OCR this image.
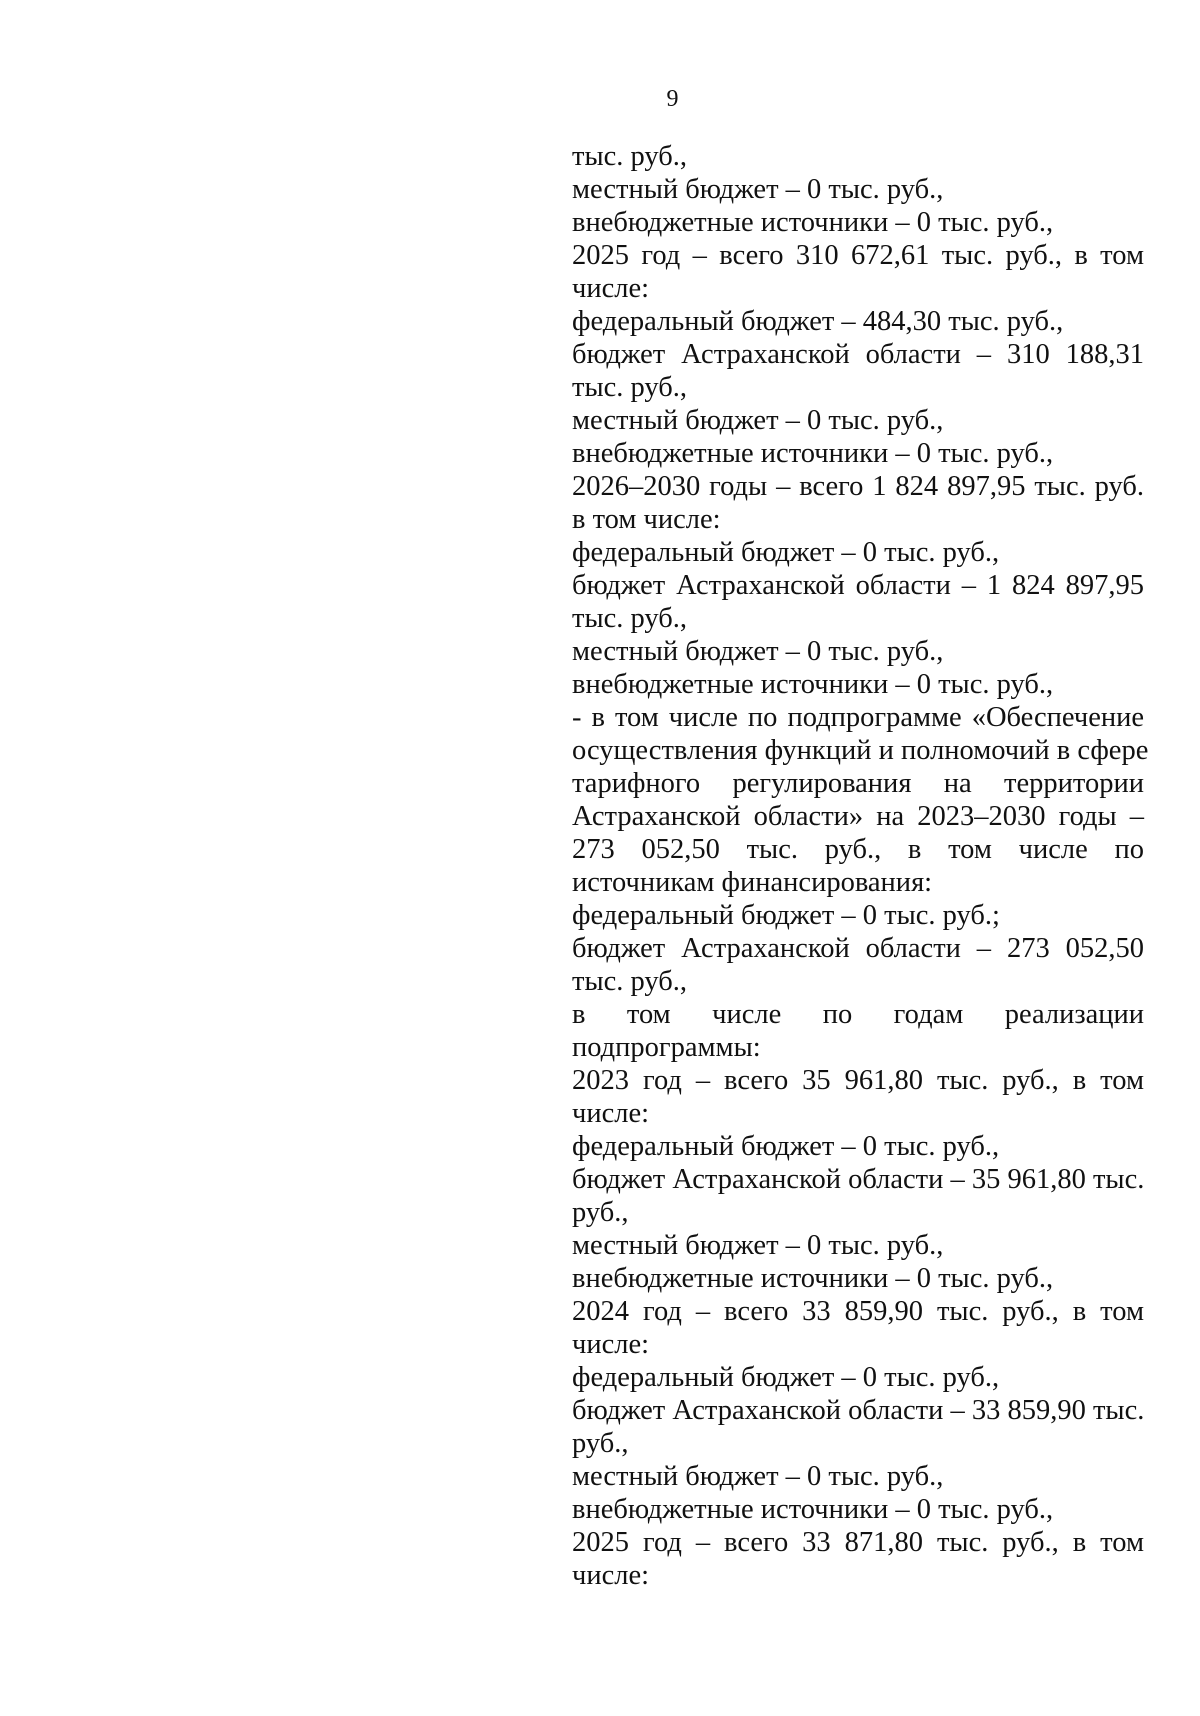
9
тыс. руб.,
местный бюджет – 0 тыс. руб.,
внебюджетные источники – 0 тыс. руб.,
2025 год – всего 310 672,61 тыс. руб., в том
числе:
федеральный бюджет – 484,30 тыс. руб.,
бюджет Астраханской области – 310 188,31
тыс. руб.,
местный бюджет – 0 тыс. руб.,
внебюджетные источники – 0 тыс. руб.,
2026–2030 годы – всего 1 824 897,95 тыс. руб.
в том числе:
федеральный бюджет – 0 тыс. руб.,
бюджет Астраханской области – 1 824 897,95
тыс. руб.,
местный бюджет – 0 тыс. руб.,
внебюджетные источники – 0 тыс. руб.,
- в том числе по подпрограмме «Обеспечение
осуществления функций и полномочий в сфере
тарифного регулирования на территории
Астраханской области» на 2023–2030 годы –
273 052,50 тыс. руб., в том числе по
источникам финансирования:
федеральный бюджет – 0 тыс. руб.;
бюджет Астраханской области – 273 052,50
тыс. руб.,
в том числе по годам реализации
подпрограммы:
2023 год – всего 35 961,80 тыс. руб., в том
числе:
федеральный бюджет – 0 тыс. руб.,
бюджет Астраханской области – 35 961,80 тыс.
руб.,
местный бюджет – 0 тыс. руб.,
внебюджетные источники – 0 тыс. руб.,
2024 год – всего 33 859,90 тыс. руб., в том
числе:
федеральный бюджет – 0 тыс. руб.,
бюджет Астраханской области – 33 859,90 тыс.
руб.,
местный бюджет – 0 тыс. руб.,
внебюджетные источники – 0 тыс. руб.,
2025 год – всего 33 871,80 тыс. руб., в том
числе:
